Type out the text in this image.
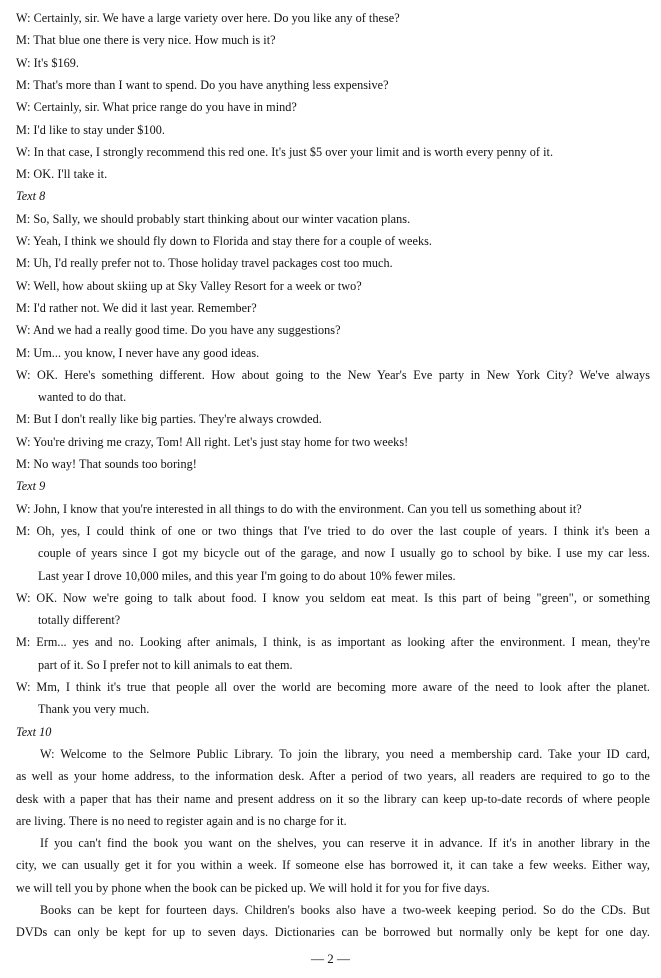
W: Certainly, sir. We have a large variety over here. Do you like any of these?
M: That blue one there is very nice. How much is it?
W: It's $169.
M: That's more than I want to spend. Do you have anything less expensive?
W: Certainly, sir. What price range do you have in mind?
M: I'd like to stay under $100.
W: In that case, I strongly recommend this red one. It's just $5 over your limit and is worth every penny of it.
M: OK. I'll take it.
Text 8
M: So, Sally, we should probably start thinking about our winter vacation plans.
W: Yeah, I think we should fly down to Florida and stay there for a couple of weeks.
M: Uh, I'd really prefer not to. Those holiday travel packages cost too much.
W: Well, how about skiing up at Sky Valley Resort for a week or two?
M: I'd rather not. We did it last year. Remember?
W: And we had a really good time. Do you have any suggestions?
M: Um... you know, I never have any good ideas.
W: OK. Here's something different. How about going to the New Year's Eve party in New York City? We've always
wanted to do that.
M: But I don't really like big parties. They're always crowded.
W: You're driving me crazy, Tom! All right. Let's just stay home for two weeks!
M: No way! That sounds too boring!
Text 9
W: John, I know that you're interested in all things to do with the environment. Can you tell us something about it?
M: Oh, yes, I could think of one or two things that I've tried to do over the last couple of years. I think it's been a
couple of years since I got my bicycle out of the garage, and now I usually go to school by bike. I use my car less.
Last year I drove 10,000 miles, and this year I'm going to do about 10% fewer miles.
W: OK. Now we're going to talk about food. I know you seldom eat meat. Is this part of being "green", or something
totally different?
M: Erm... yes and no. Looking after animals, I think, is as important as looking after the environment. I mean, they're
part of it. So I prefer not to kill animals to eat them.
W: Mm, I think it's true that people all over the world are becoming more aware of the need to look after the planet.
Thank you very much.
Text 10
W: Welcome to the Selmore Public Library. To join the library, you need a membership card. Take your ID card,
as well as your home address, to the information desk. After a period of two years, all readers are required to go to the
desk with a paper that has their name and present address on it so the library can keep up-to-date records of where people
are living. There is no need to register again and is no charge for it.
If you can't find the book you want on the shelves, you can reserve it in advance. If it's in another library in the
city, we can usually get it for you within a week. If someone else has borrowed it, it can take a few weeks. Either way,
we will tell you by phone when the book can be picked up. We will hold it for you for five days.
Books can be kept for fourteen days. Children's books also have a two-week keeping period. So do the CDs. But
DVDs can only be kept for up to seven days. Dictionaries can be borrowed but normally only be kept for one day.
— 2 —
